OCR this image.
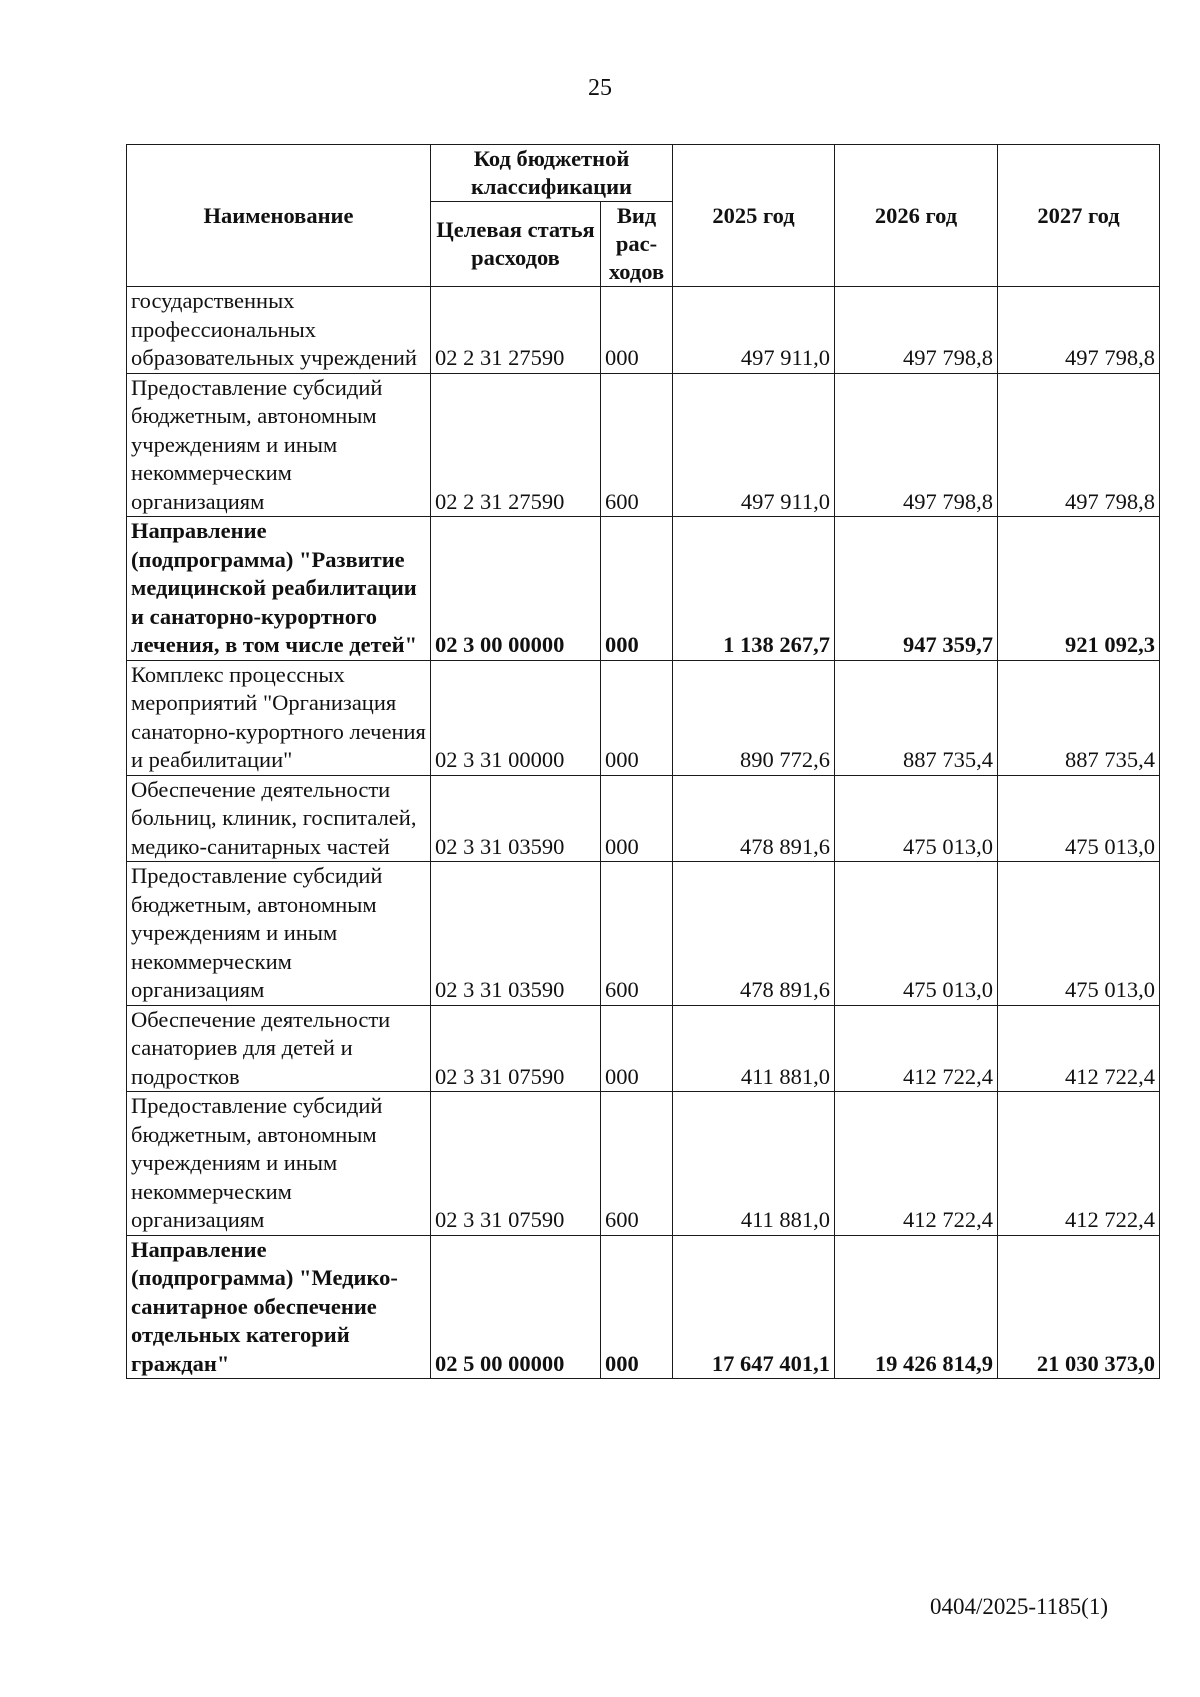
25
Наименование	Код бюджетной классификации		2025 год	2026 год	2027 год
	Целевая статья расходов	Вид рас-ходов			
государственных профессиональных образовательных учреждений	02 2 31 27590	000	497 911,0	497 798,8	497 798,8
Предоставление субсидий бюджетным, автономным учреждениям и иным некоммерческим организациям	02 2 31 27590	600	497 911,0	497 798,8	497 798,8
Направление (подпрограмма) "Развитие медицинской реабилитации и санаторно-курортного лечения, в том числе детей"	02 3 00 00000	000	1 138 267,7	947 359,7	921 092,3
Комплекс процессных мероприятий "Организация санаторно-курортного лечения и реабилитации"	02 3 31 00000	000	890 772,6	887 735,4	887 735,4
Обеспечение деятельности больниц, клиник, госпиталей, медико-санитарных частей	02 3 31 03590	000	478 891,6	475 013,0	475 013,0
Предоставление субсидий бюджетным, автономным учреждениям и иным некоммерческим организациям	02 3 31 03590	600	478 891,6	475 013,0	475 013,0
Обеспечение деятельности санаториев для детей и подростков	02 3 31 07590	000	411 881,0	412 722,4	412 722,4
Предоставление субсидий бюджетным, автономным учреждениям и иным некоммерческим организациям	02 3 31 07590	600	411 881,0	412 722,4	412 722,4
Направление (подпрограмма) "Медико-санитарное обеспечение отдельных категорий граждан"	02 5 00 00000	000	17 647 401,1	19 426 814,9	21 030 373,0
0404/2025-1185(1)
